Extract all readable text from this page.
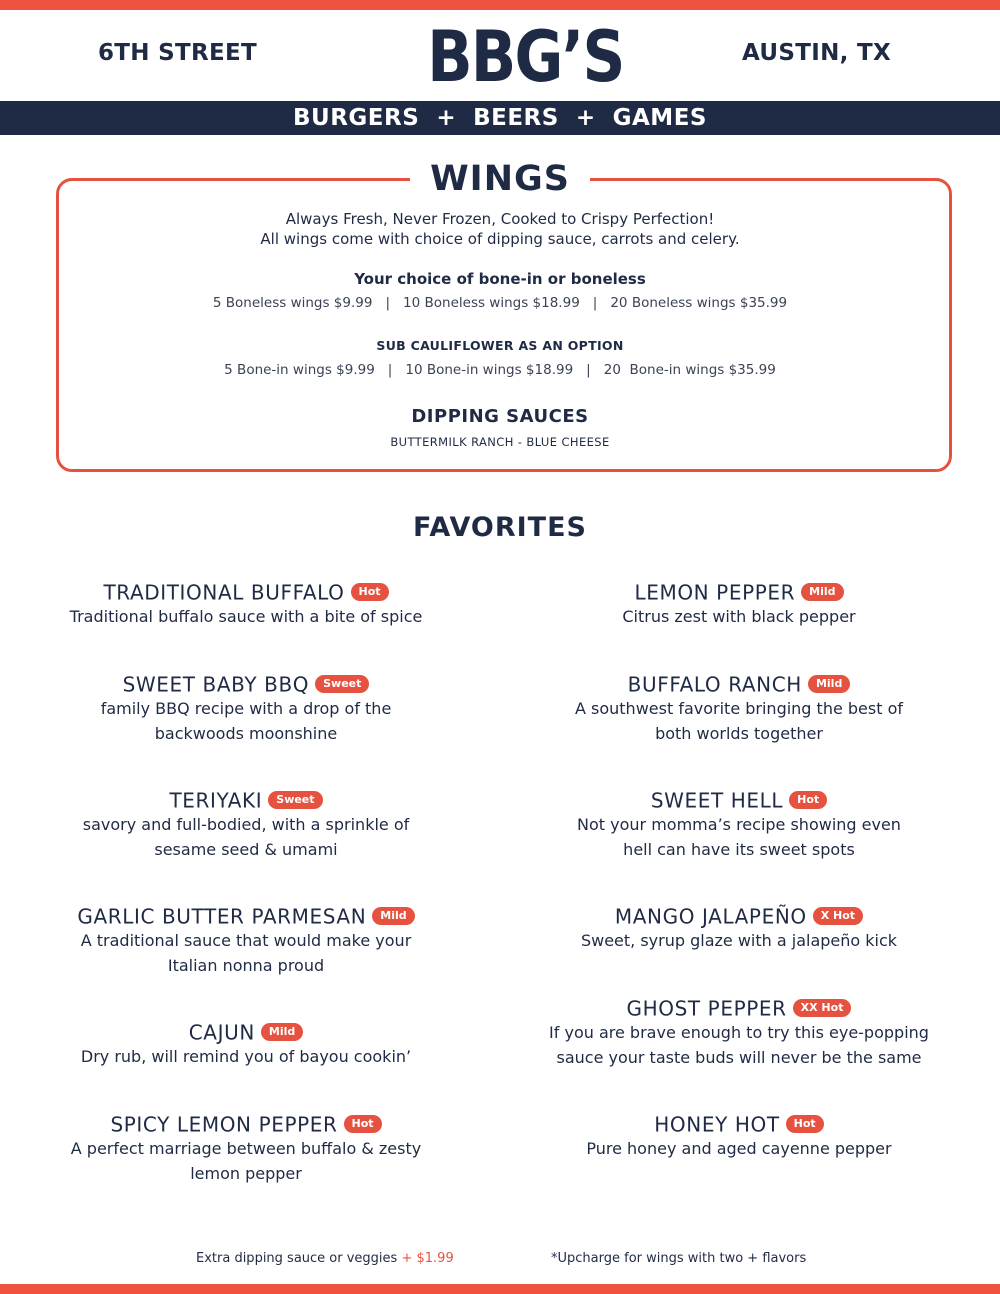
6TH STREET BBG’S	AUSTIN, TX
BURGERS  +  BEERS  +  GAMES
WINGS
Always Fresh, Never Frozen, Cooked to Crispy Perfection!
All wings come with choice of dipping sauce, carrots and celery.
Your choice of bone-in or boneless
5 Boneless wings $9.99 | 10 Boneless wings $18.99 | 20 Boneless wings $35.99
SUB CAULIFLOWER AS AN OPTION
5 Bone-in wings $9.99 | 10 Bone-in wings $18.99 | 20  Bone-in wings $35.99
DIPPING SAUCES
BUTTERMILK RANCH - BLUE CHEESE
FAVORITES
TRADITIONAL BUFFALO Hot
Traditional buffalo sauce with a bite of spice
SWEET BABY BBQ Sweet
family BBQ recipe with a drop of the
backwoods moonshine
TERIYAKI Sweet
savory and full-bodied, with a sprinkle of
sesame seed & umami
GARLIC BUTTER PARMESAN Mild
A traditional sauce that would make your
Italian nonna proud
CAJUN Mild
Dry rub, will remind you of bayou cookin’
SPICY LEMON PEPPER Hot
A perfect marriage between buffalo & zesty
lemon pepper
LEMON PEPPER Mild
Citrus zest with black pepper
BUFFALO RANCH Mild
A southwest favorite bringing the best of
both worlds together
SWEET HELL Hot
Not your momma’s recipe showing even
hell can have its sweet spots
MANGO JALAPEÑO X Hot
Sweet, syrup glaze with a jalapeño kick
GHOST PEPPER XX Hot
If you are brave enough to try this eye-popping
sauce your taste buds will never be the same
HONEY HOT Hot
Pure honey and aged cayenne pepper
Extra dipping sauce or veggies + $1.99	*Upcharge for wings with two + flavors
